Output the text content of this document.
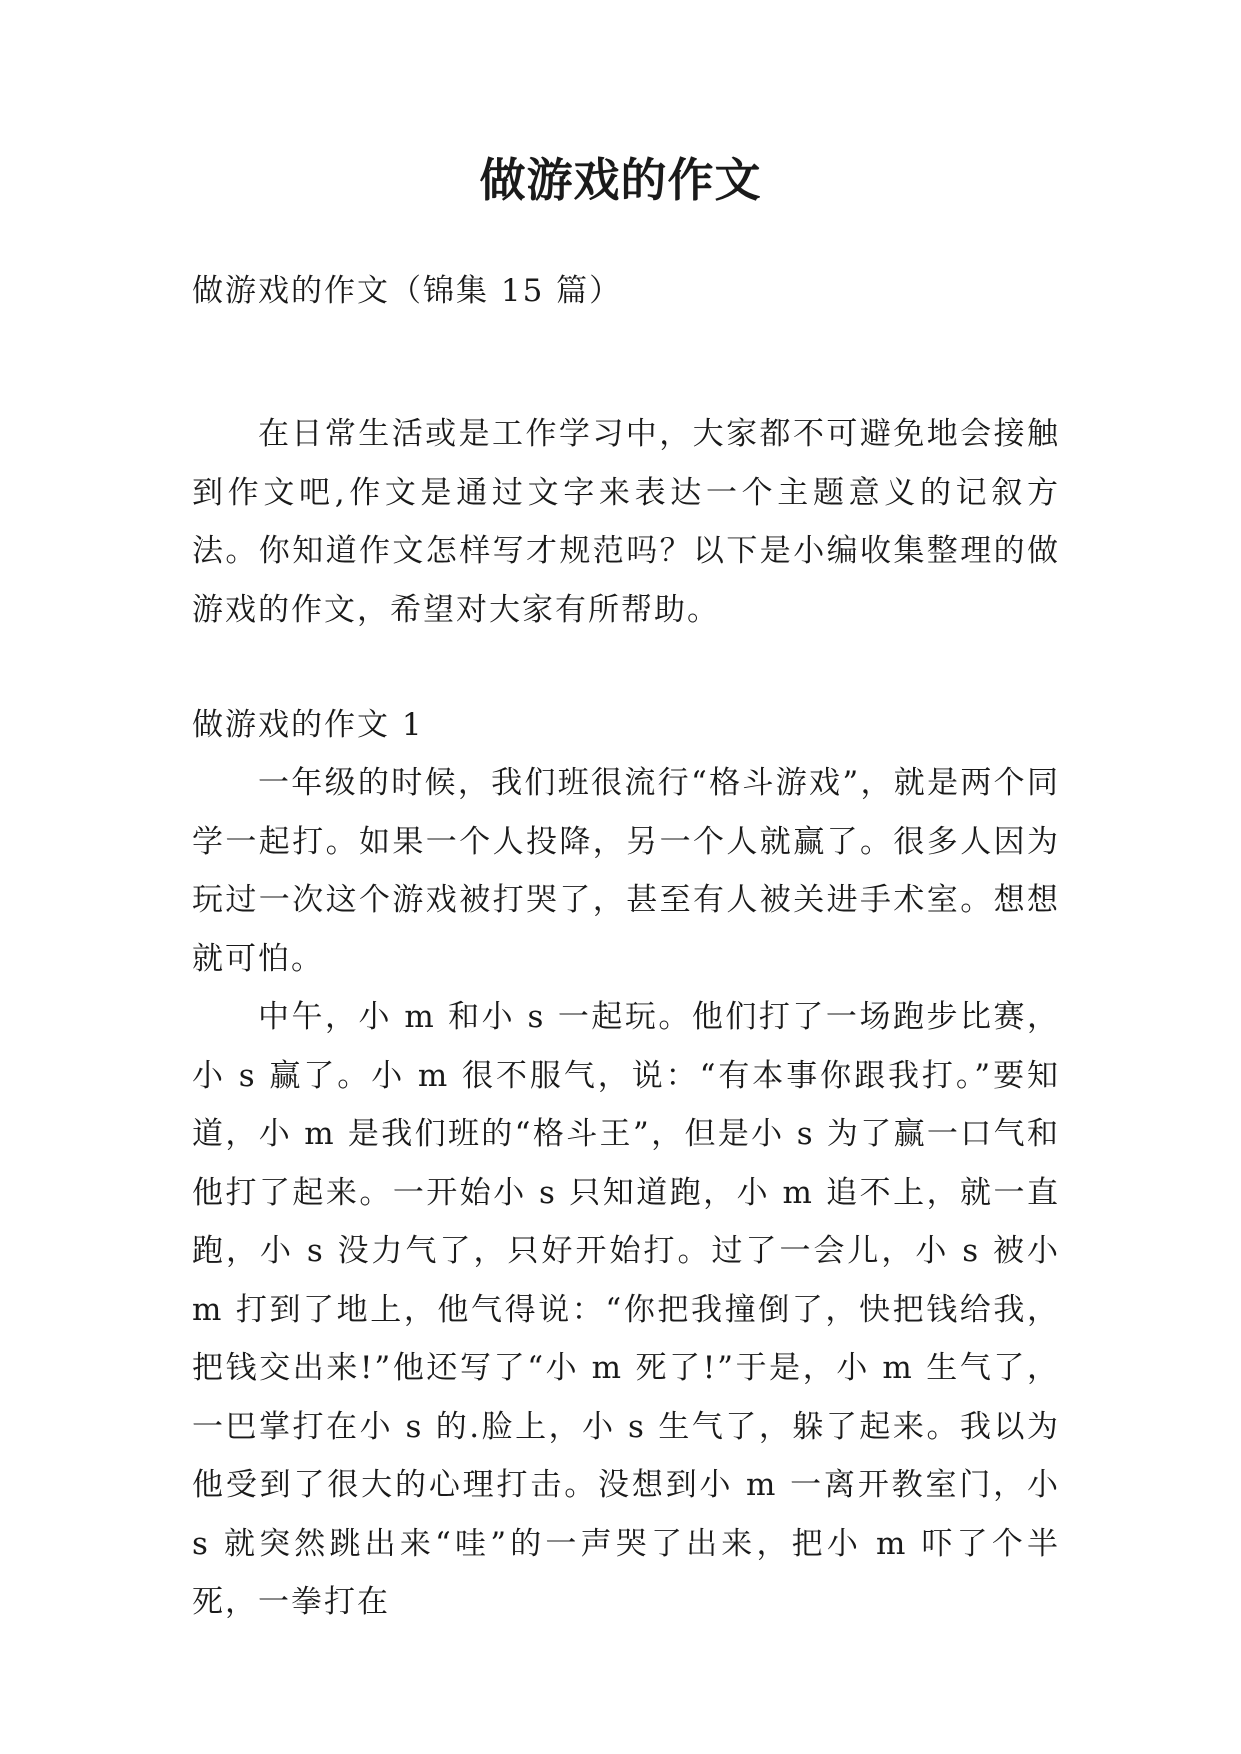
做游戏的作文

做游戏的作文（锦集 15 篇）

在日常生活或是工作学习中，大家都不可避免地会接触到作文吧,作文是通过文字来表达一个主题意义的记叙方法。你知道作文怎样写才规范吗？以下是小编收集整理的做游戏的作文，希望对大家有所帮助。

做游戏的作文 1

一年级的时候，我们班很流行“格斗游戏”，就是两个同学一起打。如果一个人投降，另一个人就赢了。很多人因为玩过一次这个游戏被打哭了，甚至有人被关进手术室。想想就可怕。

中午，小 m 和小 s 一起玩。他们打了一场跑步比赛，小 s 赢了。小 m 很不服气，说：“有本事你跟我打。”要知道，小 m 是我们班的“格斗王”，但是小 s 为了赢一口气和他打了起来。一开始小 s 只知道跑，小 m 追不上，就一直跑，小 s 没力气了，只好开始打。过了一会儿，小 s 被小 m 打到了地上，他气得说：“你把我撞倒了，快把钱给我，把钱交出来!”他还写了“小 m 死了!”于是，小 m 生气了，一巴掌打在小 s 的.脸上，小 s 生气了，躲了起来。我以为他受到了很大的心理打击。没想到小 m 一离开教室门，小 s 就突然跳出来“哇”的一声哭了出来，把小 m 吓了个半死，一拳打在
